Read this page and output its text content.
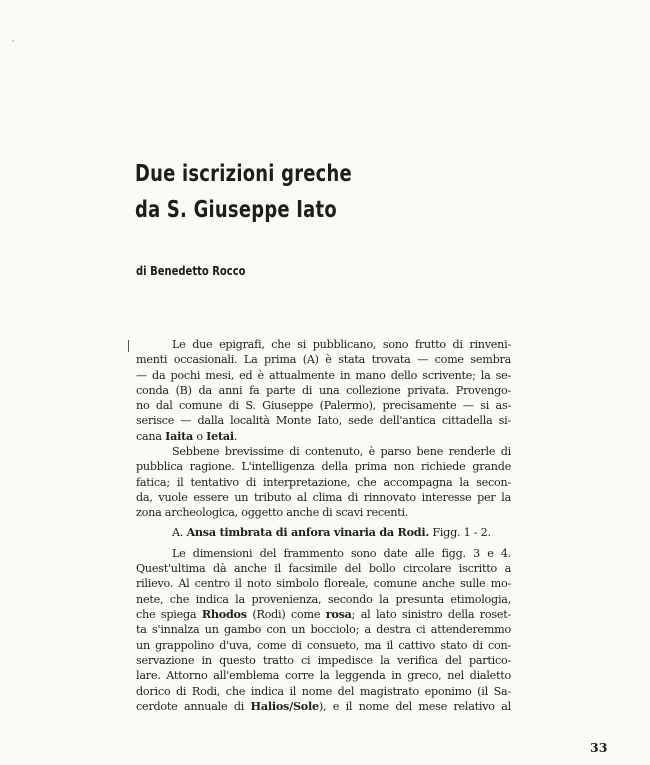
Due iscrizioni greche
da S. Giuseppe Iato
di Benedetto Rocco

Le due epigrafi, che si pubblicano, sono frutto di rinveni-
menti occasionali. La prima (A) è stata trovata — come sembra
— da pochi mesi, ed è attualmente in mano dello scrivente; la se-
conda (B) da anni fa parte di una collezione privata. Provengo-
no dal comune di S. Giuseppe (Palermo), precisamente — si as-
serisce — dalla località Monte Iato, sede dell'antica cittadella si-
cana Iaita o Ietai.

Sebbene brevissime di contenuto, è parso bene renderle di
pubblica ragione. L'intelligenza della prima non richiede grande
fatica; il tentativo di interpretazione, che accompagna la secon-
da, vuole essere un tributo al clima di rinnovato interesse per la
zona archeologica, oggetto anche di scavi recenti.

A. Ansa timbrata di anfora vinaria da Rodi. Figg. 1 - 2.

Le dimensioni del frammento sono date alle figg. 3 e 4.
Quest'ultima dà anche il facsimile del bollo circolare iscritto a
rilievo. Al centro il noto simbolo floreale, comune anche sulle mo-
nete, che indica la provenienza, secondo la presunta etimologia,
che spiega Rhodos (Rodi) come rosa; al lato sinistro della roset-
ta s'innalza un gambo con un bocciolo; a destra ci attenderemmo
un grappolino d'uva, come di consueto, ma il cattivo stato di con-
servazione in questo tratto ci impedisce la verifica del partico-
lare. Attorno all'emblema corre la leggenda in greco, nel dialetto
dorico di Rodi, che indica il nome del magistrato eponimo (il Sa-
cerdote annuale di Halios/Sole), e il nome del mese relativo al

33
